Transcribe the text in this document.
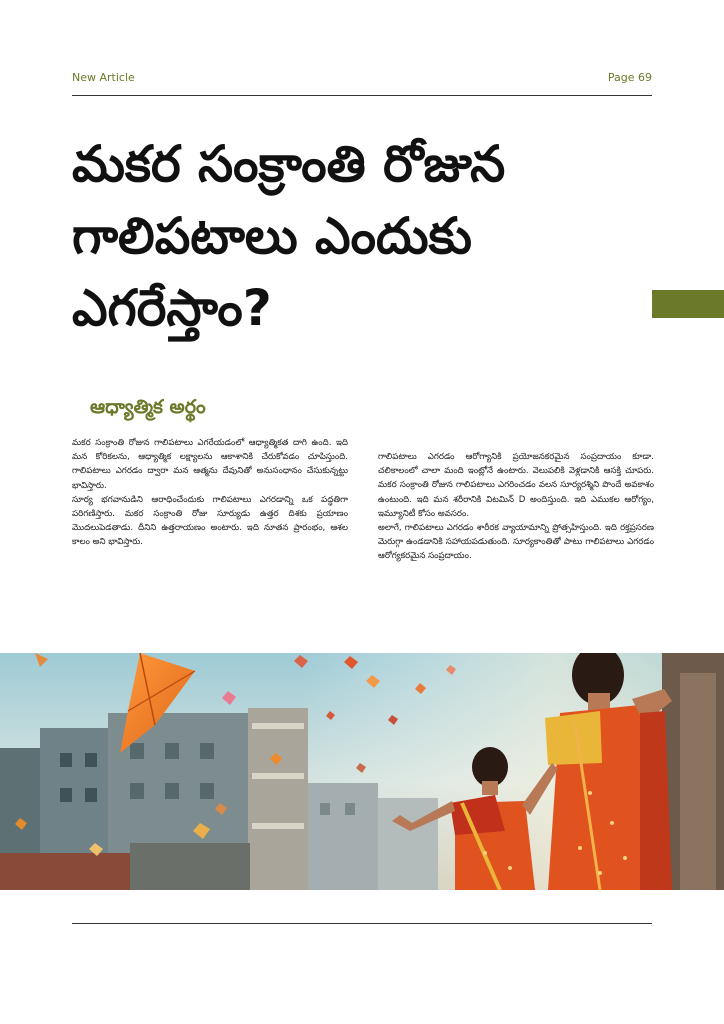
New Article	Page 69
మకర సంక్రాంతి రోజున గాలిపటాలు ఎందుకు ఎగరేస్తాం?
ఆధ్యాత్మిక అర్థం

మకర సంక్రాంతి రోజున గాలిపటాలు ఎగరేయడంలో ఆధ్యాత్మికత దాగి ఉంది. ఇది మన కోరికలను, ఆధ్యాత్మిక లక్ష్యాలను ఆకాశానికి చేరుకోవడం చూపిస్తుంది. గాలిపటాలు ఎగరడం ద్వారా మన ఆత్మను దేవునితో అనుసంధానం చేసుకున్నట్టు భావిస్తారు.

సూర్య భగవానుడిని ఆరాధించేందుకు గాలిపటాలు ఎగరడాన్ని ఒక పద్ధతిగా పరిగణిస్తారు. మకర సంక్రాంతి రోజు సూర్యుడు ఉత్తర దిశకు ప్రయాణం మొదలుపెడతాడు. దీనిని ఉత్తరాయణం అంటారు. ఇది నూతన ప్రారంభం, ఆశల కాలం అని భావిస్తారు.

గాలిపటాలు ఎగరడం ఆరోగ్యానికి ప్రయోజనకరమైన సంప్రదాయం కూడా. చలికాలంలో చాలా మంది ఇంట్లోనే ఉంటారు. వెలుపలికి వెళ్లడానికి ఆసక్తి చూపరు. మకర సంక్రాంతి రోజున గాలిపటాలు ఎగరించడం వలన సూర్యరశ్మిని పొందే అవకాశం ఉంటుంది. ఇది మన శరీరానికి విటమిన్ D అందిస్తుంది. ఇది ఎముకల ఆరోగ్యం, ఇమ్యూనిటీ కోసం అవసరం.

అలాగే, గాలిపటాలు ఎగరడం శారీరక వ్యాయామాన్ని ప్రోత్సహిస్తుంది. ఇది రక్తప్రసరణ మెరుగ్గా ఉండడానికి సహాయపడుతుంది. సూర్యకాంతితో పాటు గాలిపటాలు ఎగరడం ఆరోగ్యకరమైన సంప్రదాయం.
